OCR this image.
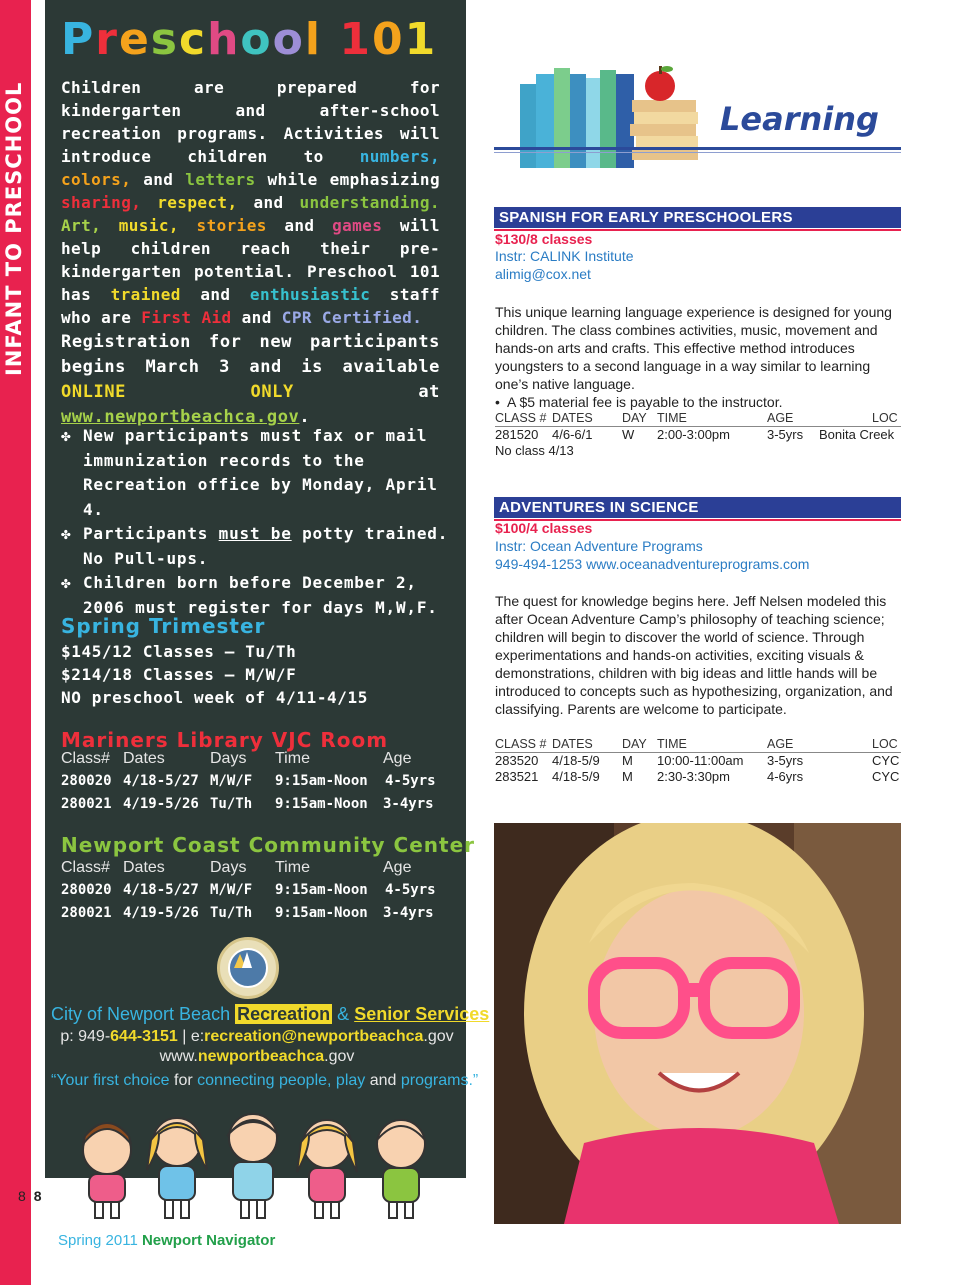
INFANT TO PRESCHOOL
Preschool 101
Children are prepared for kindergarten and after-school recreation programs. Activities will introduce children to numbers, colors, and letters while emphasizing sharing, respect, and understanding. Art, music, stories and games will help children reach their pre-kindergarten potential. Preschool 101 has trained and enthusiastic staff who are First Aid and CPR Certified.
Registration for new participants begins March 3 and is available ONLINE ONLY	at www.newportbeachca.gov.
✤ New participants must fax or mail immunization records to the Recreation office by Monday, April 4.
✤ Participants must be potty trained. No Pull-ups.
✤ Children born before December 2, 2006 must register for days M,W,F.
Spring Trimester
$145/12 Classes – Tu/Th
$214/18 Classes – M/W/F
NO preschool week of 4/11-4/15
Mariners Library VJC Room
Class# Dates	Days Time	Age
280020 4/18-5/27 M/W/F 9:15am-Noon 4-5yrs
280021 4/19-5/26 Tu/Th 9:15am-Noon 3-4yrs
Newport Coast Community Center
Class# Dates	Days Time	Age
280020 4/18-5/27 M/W/F 9:15am-Noon 4-5yrs
280021 4/19-5/26 Tu/Th 9:15am-Noon 3-4yrs
City of Newport Beach Recreation & Senior Services
p: 949-644-3151 | e:recreation@newportbeachca.gov
www.newportbeachca.gov
“Your first choice for connecting people, play and programs.”
8 8
Spring 2011 Newport Navigator
Learning
SPANISH FOR EARLY PRESCHOOLERS
$130/8 classes
Instr: CALINK Institute
alimig@cox.net
This unique learning language experience is designed for young children. The class combines activities, music, movement and hands-on arts and crafts. This effective method introduces youngsters to a second language in a way similar to learning one’s native language.
• A $5 material fee is payable to the instructor.
CLASS # DATES DAY TIME	AGE	LOC
281520 4/6-6/1 W 2:00-3:00pm	3-5yrs Bonita Creek
No class 4/13
ADVENTURES IN SCIENCE
$100/4 classes
Instr: Ocean Adventure Programs
949-494-1253 www.oceanadventureprograms.com
The quest for knowledge begins here. Jeff Nelsen modeled this after Ocean Adventure Camp’s philosophy of teaching science; children will begin to discover the world of science. Through experimentations and hands-on activities, exciting visuals & demonstrations, children with big ideas and little hands will be introduced to concepts such as hypothesizing, organization, and classifying. Parents are welcome to participate.
CLASS # DATES DAY TIME	AGE	LOC
283520 4/18-5/9 M 10:00-11:00am 3-5yrs	CYC
283521 4/18-5/9 M 2:30-3:30pm	4-6yrs	CYC
